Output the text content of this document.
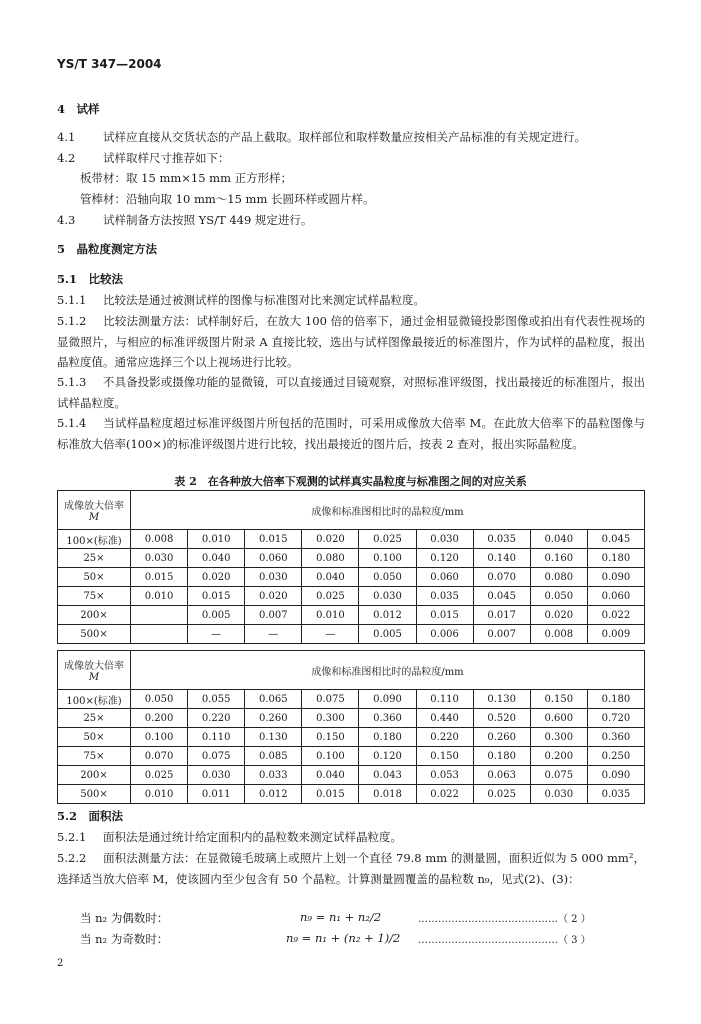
YS/T 347—2004
4　试样
4.1 试样应直接从交货状态的产品上截取。取样部位和取样数量应按相关产品标准的有关规定进行。
4.2 试样取样尺寸推荐如下：
板带材：取 15 mm×15 mm 正方形样；
管棒材：沿轴向取 10 mm～15 mm 长圆环样或圆片样。
4.3 试样制备方法按照 YS/T 449 规定进行。
5　晶粒度测定方法
5.1　比较法
5.1.1 比较法是通过被测试样的图像与标准图对比来测定试样晶粒度。
5.1.2 比较法测量方法：试样制好后，在放大 100 倍的倍率下，通过金相显微镜投影图像或拍出有代表性视场的显微照片，与相应的标准评级图片附录 A 直接比较，选出与试样图像最接近的标准图片，作为试样的晶粒度，报出晶粒度值。通常应选择三个以上视场进行比较。
5.1.3 不具备投影或摄像功能的显微镜，可以直接通过目镜观察，对照标准评级图，找出最接近的标准图片，报出试样晶粒度。
5.1.4 当试样晶粒度超过标准评级图片所包括的范围时，可采用成像放大倍率 M。在此放大倍率下的晶粒图像与标准放大倍率(100×)的标准评级图片进行比较，找出最接近的图片后，按表 2 查对，报出实际晶粒度。
表 2　在各种放大倍率下观测的试样真实晶粒度与标准图之间的对应关系
成像放大倍率
M	成像和标准图相比时的晶粒度/mm								
100×(标准)	0.008	0.010	0.015	0.020	0.025	0.030	0.035	0.040	0.045
25×	0.030	0.040	0.060	0.080	0.100	0.120	0.140	0.160	0.180
50×	0.015	0.020	0.030	0.040	0.050	0.060	0.070	0.080	0.090
75×	0.010	0.015	0.020	0.025	0.030	0.035	0.045	0.050	0.060
200×		0.005	0.007	0.010	0.012	0.015	0.017	0.020	0.022
500×		—	—	—	0.005	0.006	0.007	0.008	0.009
成像放大倍率
M	成像和标准图相比时的晶粒度/mm								
100×(标准)	0.050	0.055	0.065	0.075	0.090	0.110	0.130	0.150	0.180
25×	0.200	0.220	0.260	0.300	0.360	0.440	0.520	0.600	0.720
50×	0.100	0.110	0.130	0.150	0.180	0.220	0.260	0.300	0.360
75×	0.070	0.075	0.085	0.100	0.120	0.150	0.180	0.200	0.250
200×	0.025	0.030	0.033	0.040	0.043	0.053	0.063	0.075	0.090
500×	0.010	0.011	0.012	0.015	0.018	0.022	0.025	0.030	0.035
5.2　面积法
5.2.1 面积法是通过统计给定面积内的晶粒数来测定试样晶粒度。
5.2.2 面积法测量方法：在显微镜毛玻璃上或照片上划一个直径 79.8 mm 的测量圆，面积近似为 5 000 mm²，选择适当放大倍率 M，使该圆内至少包含有 50 个晶粒。计算测量圆覆盖的晶粒数 n₉，见式(2)、(3)：
当 n₂ 为偶数时：	n₉ = n₁ + n₂/2	……………………………………（ 2 ）
当 n₂ 为奇数时：	n₉ = n₁ + (n₂ + 1)/2 ……………………………………（ 3 ）
2
